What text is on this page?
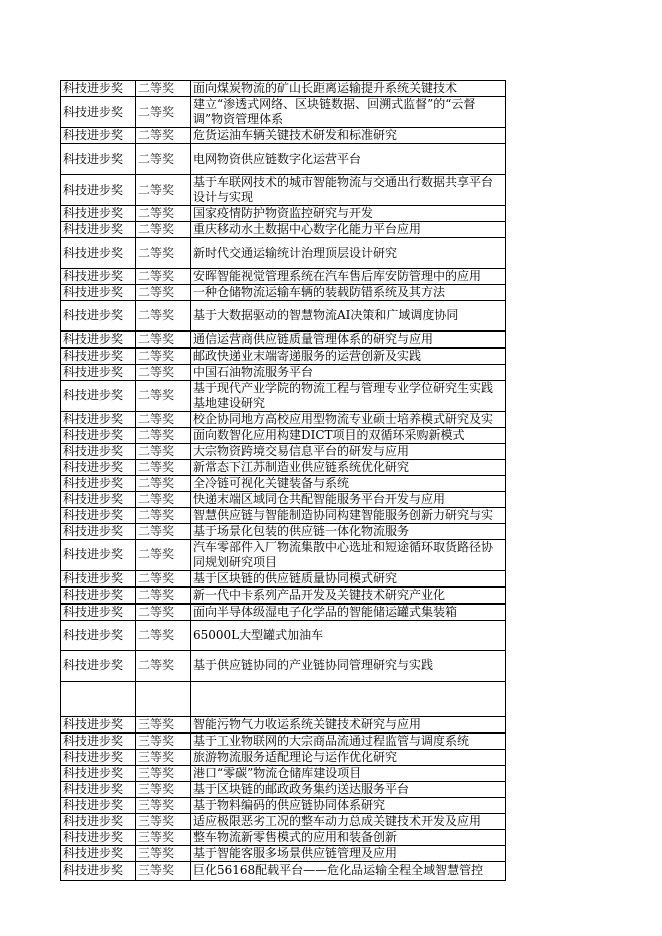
科技进步奖	二等奖	面向煤炭物流的矿山长距离运输提升系统关键技术
科技进步奖	二等奖	建立“渗透式网络、区块链数据、回溯式监督”的“云督调”物资管理体系
科技进步奖	二等奖	危货运油车辆关键技术研发和标准研究
科技进步奖	二等奖	电网物资供应链数字化运营平台
科技进步奖	二等奖	基于车联网技术的城市智能物流与交通出行数据共享平台设计与实现
科技进步奖	二等奖	国家疫情防护物资监控研究与开发
科技进步奖	二等奖	重庆移动水土数据中心数字化能力平台应用
科技进步奖	二等奖	新时代交通运输统计治理顶层设计研究
科技进步奖	二等奖	安晖智能视觉管理系统在汽车售后库安防管理中的应用
科技进步奖	二等奖	一种仓储物流运输车辆的装载防错系统及其方法
科技进步奖	二等奖	基于大数据驱动的智慧物流AI决策和广域调度协同
科技进步奖	二等奖	通信运营商供应链质量管理体系的研究与应用
科技进步奖	二等奖	邮政快递业末端寄递服务的运营创新及实践
科技进步奖	二等奖	中国石油物流服务平台
科技进步奖	二等奖	基于现代产业学院的物流工程与管理专业学位研究生实践基地建设研究
科技进步奖	二等奖	校企协同地方高校应用型物流专业硕士培养模式研究及实
科技进步奖	二等奖	面向数智化应用构建DICT项目的双循环采购新模式
科技进步奖	二等奖	大宗物资跨境交易信息平台的研发与应用
科技进步奖	二等奖	新常态下江苏制造业供应链系统优化研究
科技进步奖	二等奖	全冷链可视化关键装备与系统
科技进步奖	二等奖	快递末端区域同仓共配智能服务平台开发与应用
科技进步奖	二等奖	智慧供应链与智能制造协同构建智能服务创新力研究与实
科技进步奖	二等奖	基于场景化包装的供应链一体化物流服务
科技进步奖	二等奖	汽车零部件入厂物流集散中心选址和短途循环取货路径协同规划研究项目
科技进步奖	二等奖	基于区块链的供应链质量协同模式研究
科技进步奖	二等奖	新一代中卡系列产品开发及关键技术研究产业化
科技进步奖	二等奖	面向半导体级湿电子化学品的智能储运罐式集装箱
科技进步奖	二等奖	65000L大型罐式加油车
科技进步奖	二等奖	基于供应链协同的产业链协同管理研究与实践

科技进步奖	三等奖	智能污物气力收运系统关键技术研究与应用
科技进步奖	三等奖	基于工业物联网的大宗商品流通过程监管与调度系统
科技进步奖	三等奖	旅游物流服务适配理论与运作优化研究
科技进步奖	三等奖	港口“零碳”物流仓储库建设项目
科技进步奖	三等奖	基于区块链的邮政政务集约送达服务平台
科技进步奖	三等奖	基于物料编码的供应链协同体系研究
科技进步奖	三等奖	适应极限恶劣工况的整车动力总成关键技术开发及应用
科技进步奖	三等奖	整车物流新零售模式的应用和装备创新
科技进步奖	三等奖	基于智能客服多场景供应链管理及应用
科技进步奖	三等奖	巨化56168配载平台——危化品运输全程全域智慧管控
